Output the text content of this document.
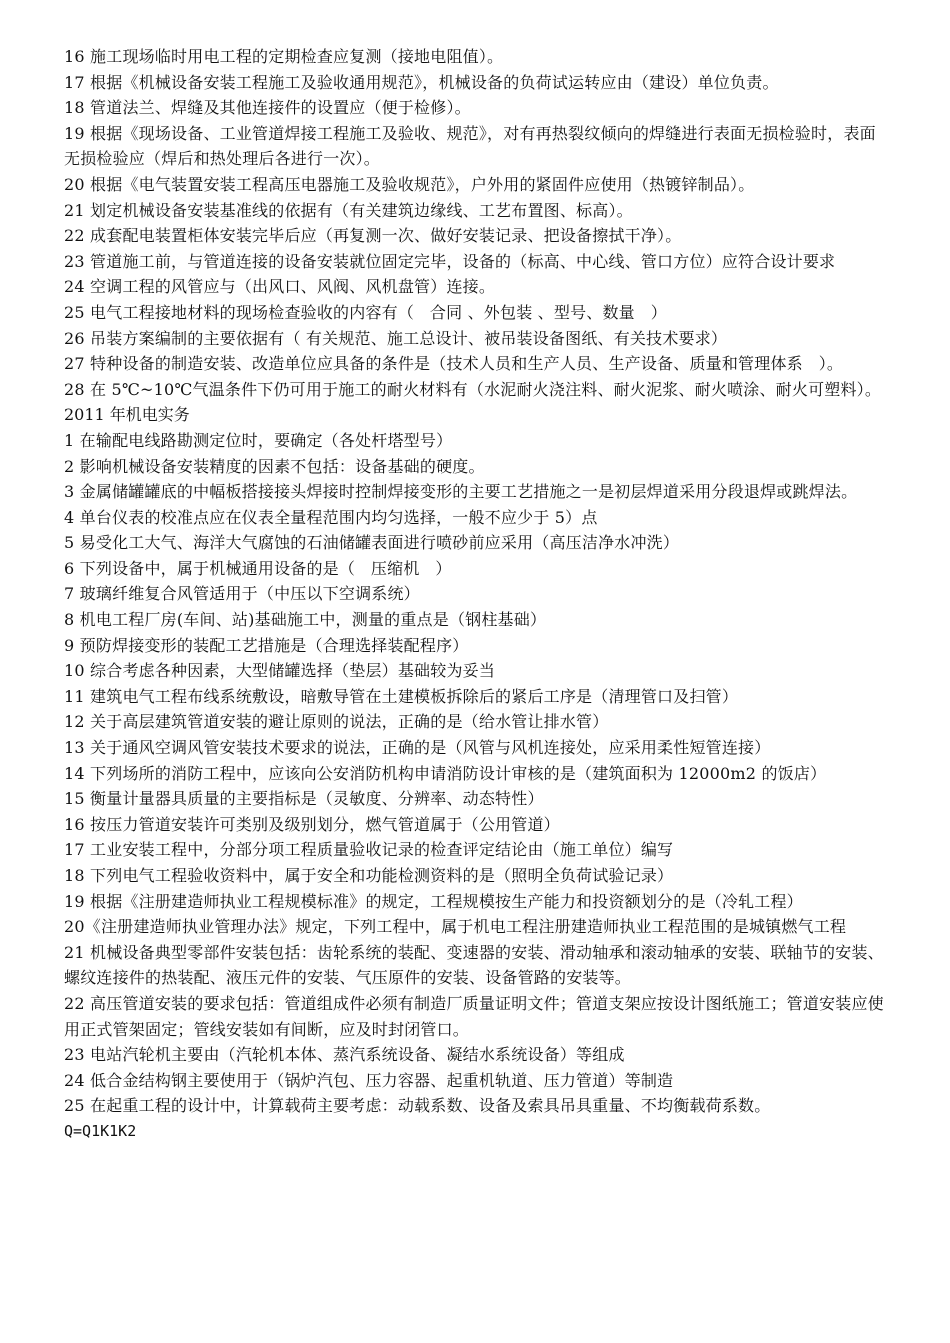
16 施工现场临时用电工程的定期检查应复测（接地电阻值）。

17 根据《机械设备安装工程施工及验收通用规范》，机械设备的负荷试运转应由（建设）单位负责。

18 管道法兰、焊缝及其他连接件的设置应（便于检修）。

19 根据《现场设备、工业管道焊接工程施工及验收、规范》，对有再热裂纹倾向的焊缝进行表面无损检验时，表面无损检验应（焊后和热处理后各进行一次）。

20 根据《电气装置安装工程高压电器施工及验收规范》，户外用的紧固件应使用（热镀锌制品）。

21 划定机械设备安装基准线的依据有（有关建筑边缘线、工艺布置图、标高）。

22 成套配电装置柜体安装完毕后应（再复测一次、做好安装记录、把设备擦拭干净）。

23 管道施工前，与管道连接的设备安装就位固定完毕，设备的（标高、中心线、管口方位）应符合设计要求

24 空调工程的风管应与（出风口、风阀、风机盘管）连接。

25 电气工程接地材料的现场检查验收的内容有（   合同 、外包装 、型号、数量   ）

26 吊装方案编制的主要依据有（ 有关规范、施工总设计、被吊装设备图纸、有关技术要求）

27 特种设备的制造安装、改造单位应具备的条件是（技术人员和生产人员、生产设备、质量和管理体系   ）。

28 在 5℃~10℃气温条件下仍可用于施工的耐火材料有（水泥耐火浇注料、耐火泥浆、耐火喷涂、耐火可塑料）。

2011 年机电实务

1 在输配电线路勘测定位时，要确定（各处杆塔型号）

2 影响机械设备安装精度的因素不包括：设备基础的硬度。

3 金属储罐罐底的中幅板搭接接头焊接时控制焊接变形的主要工艺措施之一是初层焊道采用分段退焊或跳焊法。

4 单台仪表的校准点应在仪表全量程范围内均匀选择，一般不应少于 5）点

5 易受化工大气、海洋大气腐蚀的石油储罐表面进行喷砂前应采用（高压洁净水冲洗）

6 下列设备中，属于机械通用设备的是（   压缩机   ）

7 玻璃纤维复合风管适用于（中压以下空调系统）

8 机电工程厂房(车间、站)基础施工中，测量的重点是（钢柱基础）

9 预防焊接变形的装配工艺措施是（合理选择装配程序）

10 综合考虑各种因素，大型储罐选择（垫层）基础较为妥当

11 建筑电气工程布线系统敷设，暗敷导管在土建模板拆除后的紧后工序是（清理管口及扫管）

12 关于高层建筑管道安装的避让原则的说法，正确的是（给水管让排水管）

13 关于通风空调风管安装技术要求的说法，正确的是（风管与风机连接处，应采用柔性短管连接）

14 下列场所的消防工程中，应该向公安消防机构申请消防设计审核的是（建筑面积为 12000m2 的饭店）

15 衡量计量器具质量的主要指标是（灵敏度、分辨率、动态特性）

16 按压力管道安装许可类别及级别划分，燃气管道属于（公用管道）

17 工业安装工程中，分部分项工程质量验收记录的检查评定结论由（施工单位）编写

18 下列电气工程验收资料中，属于安全和功能检测资料的是（照明全负荷试验记录）

19 根据《注册建造师执业工程规模标准》的规定，工程规模按生产能力和投资额划分的是（冷轧工程）

20《注册建造师执业管理办法》规定，下列工程中，属于机电工程注册建造师执业工程范围的是城镇燃气工程

21 机械设备典型零部件安装包括：齿轮系统的装配、变速器的安装、滑动轴承和滚动轴承的安装、联轴节的安装、螺纹连接件的热装配、液压元件的安装、气压原件的安装、设备管路的安装等。

22 高压管道安装的要求包括：管道组成件必须有制造厂质量证明文件；管道支架应按设计图纸施工；管道安装应使用正式管架固定；管线安装如有间断，应及时封闭管口。

23 电站汽轮机主要由（汽轮机本体、蒸汽系统设备、凝结水系统设备）等组成

24 低合金结构钢主要使用于（锅炉汽包、压力容器、起重机轨道、压力管道）等制造

25 在起重工程的设计中，计算载荷主要考虑：动载系数、设备及索具吊具重量、不均衡载荷系数。

Q=Q1K1K2
